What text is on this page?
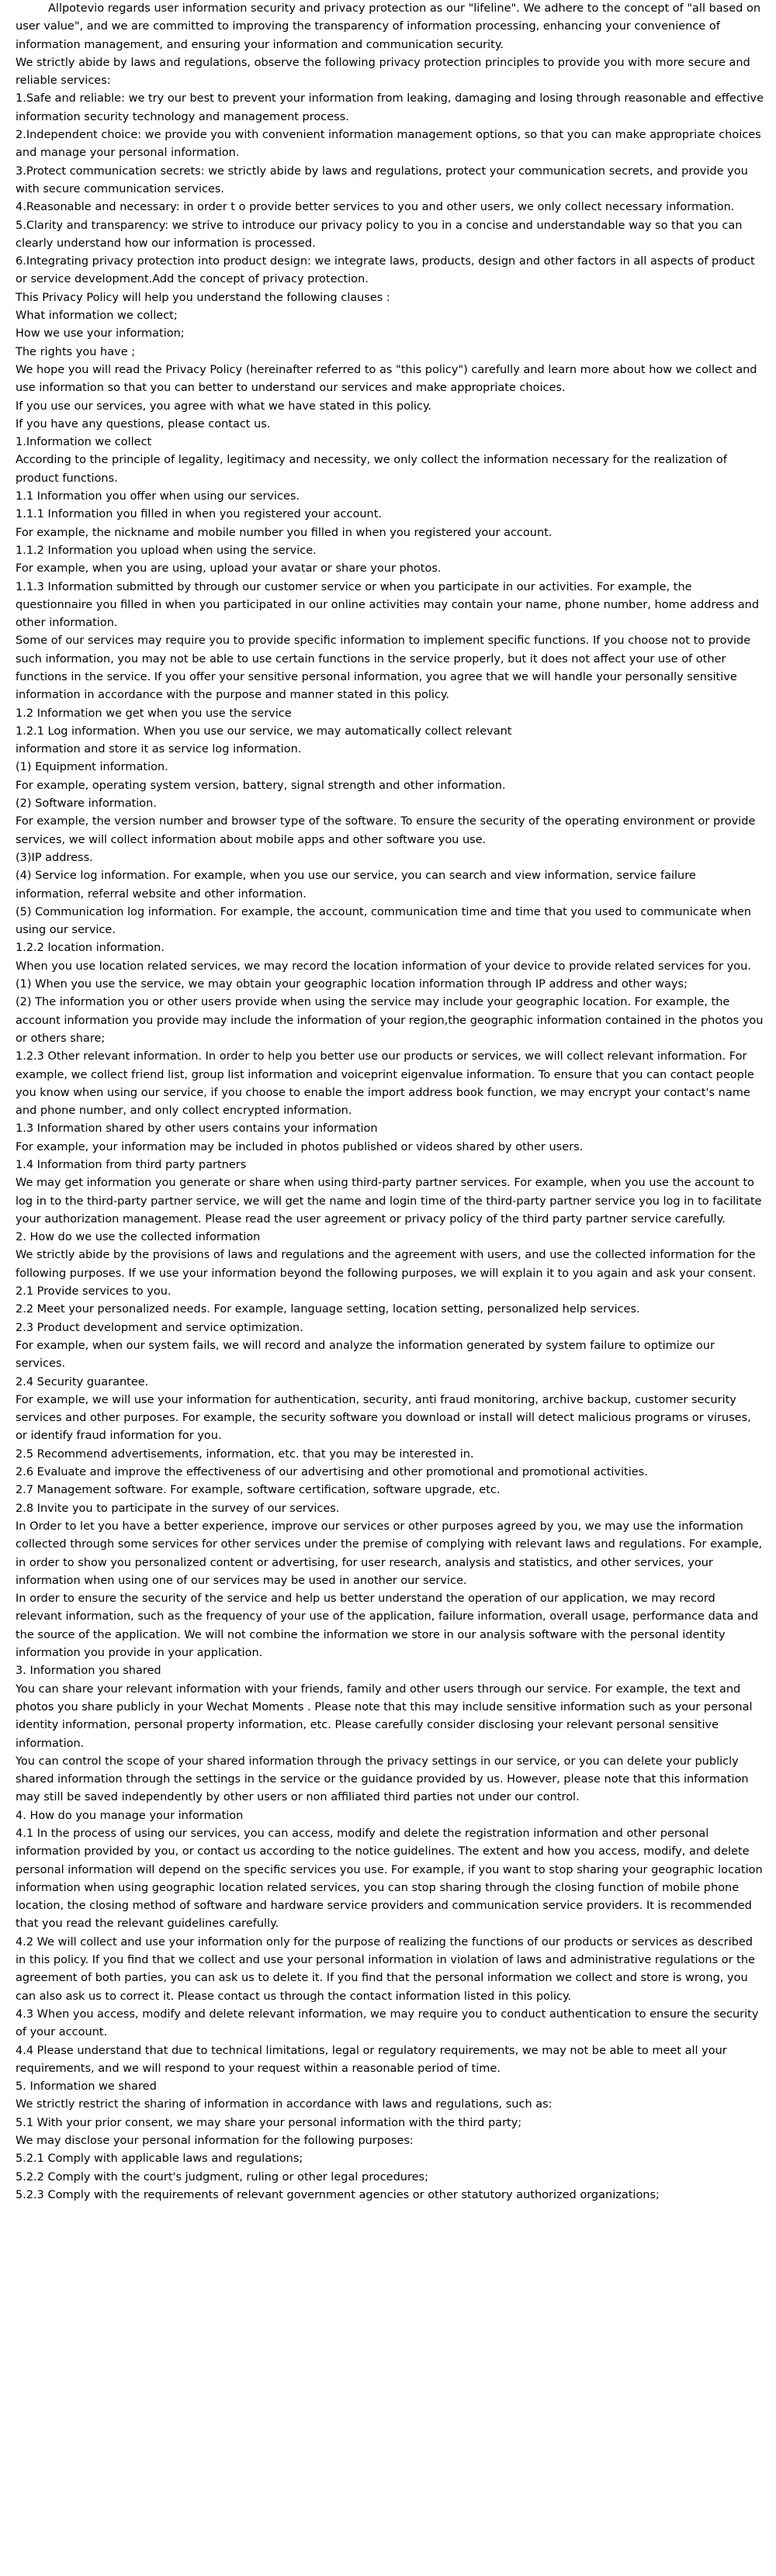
Allpotevio regards user information security and privacy protection as our "lifeline". We adhere to the concept of "all based on user value", and we are committed to improving the transparency of information processing, enhancing your convenience of information management, and ensuring your information and communication security.

We strictly abide by laws and regulations, observe the following privacy protection principles to provide you with more secure and reliable services:

1.Safe and reliable: we try our best to prevent your information from leaking, damaging and losing through reasonable and effective information security technology and management process.

2.Independent choice: we provide you with convenient information management options, so that you can make appropriate choices and manage your personal information.

3.Protect communication secrets: we strictly abide by laws and regulations, protect your communication secrets, and provide you with secure communication services.

4.Reasonable and necessary: in order t o provide better services to you and other users, we only collect necessary information.

5.Clarity and transparency: we strive to introduce our privacy policy to you in a concise and understandable way so that you can clearly understand how our information is processed.

6.Integrating privacy protection into product design: we integrate laws, products, design and other factors in all aspects of product or service development.Add the concept of privacy protection.

This Privacy Policy will help you understand the following clauses :

What information we collect;

How we use your information;

The rights you have ;

We hope you will read the Privacy Policy (hereinafter referred to as "this policy") carefully and learn more about how we collect and use information so that you can better to understand our services and make appropriate choices.

If you use our services, you agree with what we have stated in this policy.

If you have any questions, please contact us.

1.Information we collect

According to the principle of legality, legitimacy and necessity, we only collect the information necessary for the realization of product functions.

1.1 Information you offer when using our services.

1.1.1 Information you filled in when you registered your account.

For example, the nickname and mobile number you filled in when you registered your account.

1.1.2 Information you upload when using the service.

For example, when you are using, upload your avatar or share your photos.

1.1.3 Information submitted by through our customer service or when you participate in our activities. For example, the questionnaire you filled in when you participated in our online activities may contain your name, phone number, home address and other information.

Some of our services may require you to provide specific information to implement specific functions. If you choose not to provide such information, you may not be able to use certain functions in the service properly, but it does not affect your use of other functions in the service. If you offer your sensitive personal information, you agree that we will handle your personally sensitive information in accordance with the purpose and manner stated in this policy.

1.2 Information we get when you use the service

1.2.1 Log information. When you use our service, we may automatically collect relevant

information and store it as service log information.

(1) Equipment information.

For example, operating system version, battery, signal strength and other information.

(2) Software information.

For example, the version number and browser type of the software. To ensure the security of the operating environment or provide services, we will collect information about mobile apps and other software you use.

(3)IP address.

(4) Service log information. For example, when you use our service, you can search and view information, service failure information, referral website and other information.

(5) Communication log information. For example, the account, communication time and time that you used to communicate when using our service.

1.2.2 location information.

When you use location related services, we may record the location information of your device to provide related services for you.

(1) When you use the service, we may obtain your geographic location information through IP address and other ways;

(2) The information you or other users provide when using the service may include your geographic location. For example, the account information you provide may include the information of your region,the geographic information contained in the photos you or others share;

1.2.3 Other relevant information. In order to help you better use our products or services, we will collect relevant information. For example, we collect friend list, group list information and voiceprint eigenvalue information. To ensure that you can contact people you know when using our service, if you choose to enable the import address book function, we may encrypt your contact's name and phone number, and only collect encrypted information.

1.3 Information shared by other users contains your information

For example, your information may be included in photos published or videos shared by other users.

1.4 Information from third party partners

We may get information you generate or share when using third-party partner services. For example, when you use the account to log in to the third-party partner service, we will get the name and login time of the third-party partner service you log in to facilitate your authorization management. Please read the user agreement or privacy policy of the third party partner service carefully.

2. How do we use the collected information

We strictly abide by the provisions of laws and regulations and the agreement with users, and use the collected information for the following purposes. If we use your information beyond the following purposes, we will explain it to you again and ask your consent.

2.1 Provide services to you.

2.2 Meet your personalized needs. For example, language setting, location setting, personalized help services.

2.3 Product development and service optimization.

For example, when our system fails, we will record and analyze the information generated by system failure to optimize our services.

2.4 Security guarantee.

For example, we will use your information for authentication, security, anti fraud monitoring, archive backup, customer security services and other purposes. For example, the security software you download or install will detect malicious programs or viruses, or identify fraud information for you.

2.5 Recommend advertisements, information, etc. that you may be interested in.

2.6 Evaluate and improve the effectiveness of our advertising and other promotional and promotional activities.

2.7 Management software. For example, software certification, software upgrade, etc.

2.8 Invite you to participate in the survey of our services.

In Order to let you have a better experience, improve our services or other purposes agreed by you, we may use the information collected through some services for other services under the premise of complying with relevant laws and regulations. For example, in order to show you personalized content or advertising, for user research, analysis and statistics, and other services, your information when using one of our services may be used in another our service.

In order to ensure the security of the service and help us better understand the operation of our application, we may record relevant information, such as the frequency of your use of the application, failure information, overall usage, performance data and the source of the application. We will not combine the information we store in our analysis software with the personal identity information you provide in your application.

3. Information you shared

You can share your relevant information with your friends, family and other users through our service. For example, the text and photos you share publicly in your Wechat Moments . Please note that this may include sensitive information such as your personal identity information, personal property information, etc. Please carefully consider disclosing your relevant personal sensitive information.

You can control the scope of your shared information through the privacy settings in our service, or you can delete your publicly shared information through the settings in the service or the guidance provided by us. However, please note that this information may still be saved independently by other users or non affiliated third parties not under our control.

4. How do you manage your information

4.1 In the process of using our services, you can access, modify and delete the registration information and other personal information provided by you, or contact us according to the notice guidelines. The extent and how you access, modify, and delete personal information will depend on the specific services you use. For example, if you want to stop sharing your geographic location information when using geographic location related services, you can stop sharing through the closing function of mobile phone location, the closing method of software and hardware service providers and communication service providers. It is recommended that you read the relevant guidelines carefully.

4.2 We will collect and use your information only for the purpose of realizing the functions of our products or services as described in this policy. If you find that we collect and use your personal information in violation of laws and administrative regulations or the agreement of both parties, you can ask us to delete it. If you find that the personal information we collect and store is wrong, you can also ask us to correct it. Please contact us through the contact information listed in this policy.

4.3 When you access, modify and delete relevant information, we may require you to conduct authentication to ensure the security of your account.

4.4 Please understand that due to technical limitations, legal or regulatory requirements, we may not be able to meet all your requirements, and we will respond to your request within a reasonable period of time.

5. Information we shared

We strictly restrict the sharing of information in accordance with laws and regulations, such as:

5.1 With your prior consent, we may share your personal information with the third party;

We may disclose your personal information for the following purposes:

5.2.1 Comply with applicable laws and regulations;

5.2.2 Comply with the court's judgment, ruling or other legal procedures;

5.2.3 Comply with the requirements of relevant government agencies or other statutory authorized organizations;
